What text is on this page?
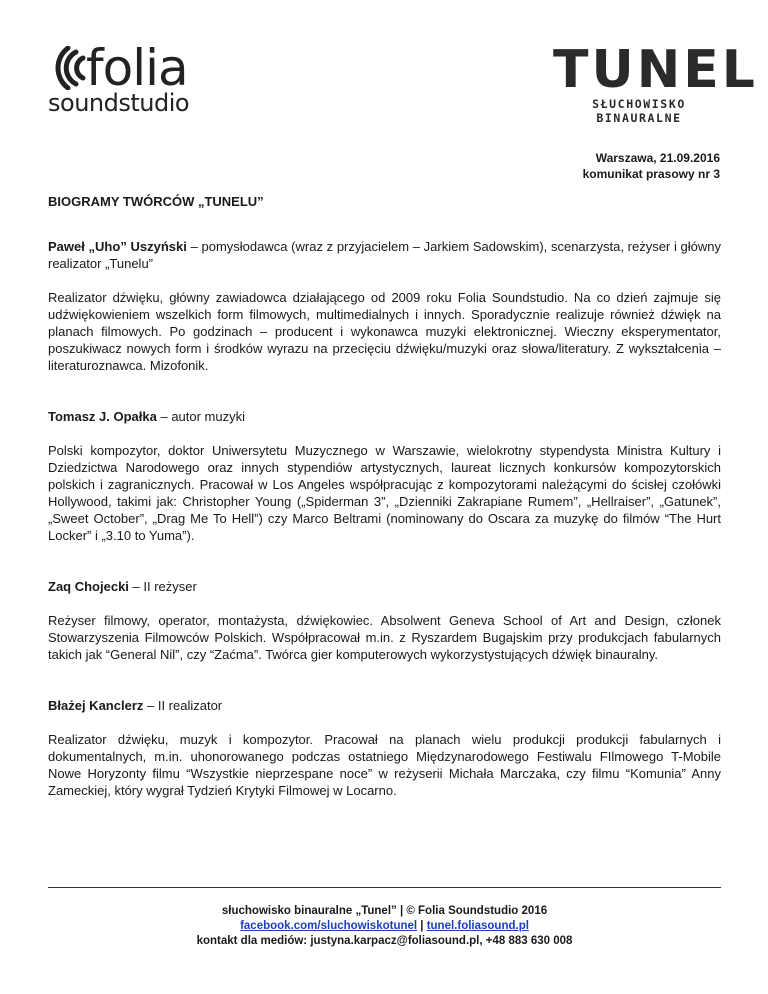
folia
soundstudio
TUNEL
SŁUCHOWISKO BINAURALNE
Warszawa, 21.09.2016
komunikat prasowy nr 3
BIOGRAMY TWÓRCÓW „TUNELU”

Paweł „Uho” Uszyński – pomysłodawca (wraz z przyjacielem – Jarkiem Sadowskim), scenarzysta, reżyser i główny realizator „Tunelu”

Realizator dźwięku, główny zawiadowca działającego od 2009 roku Folia Soundstudio. Na co dzień zajmuje się udźwiękowieniem wszelkich form filmowych, multimedialnych i innych. Sporadycznie realizuje również dźwięk na planach filmowych. Po godzinach – producent i wykonawca muzyki elektronicznej. Wieczny eksperymentator, poszukiwacz nowych form i środków wyrazu na przecięciu dźwięku/muzyki oraz słowa/literatury. Z wykształcenia – literaturoznawca. Mizofonik.

Tomasz J. Opałka – autor muzyki

Polski kompozytor, doktor Uniwersytetu Muzycznego w Warszawie, wielokrotny stypendysta Ministra Kultury i Dziedzictwa Narodowego oraz innych stypendiów artystycznych, laureat licznych konkursów kompozytorskich polskich i zagranicznych. Pracował w Los Angeles współpracując z kompozytorami należącymi do ścisłej czołówki Hollywood, takimi jak: Christopher Young („Spiderman 3”, „Dzienniki Zakrapiane Rumem”, „Hellraiser”, „Gatunek”, „Sweet October”, „Drag Me To Hell”) czy Marco Beltrami (nominowany do Oscara za muzykę do filmów “The Hurt Locker” i „3.10 to Yuma”).

Zaq Chojecki – II reżyser

Reżyser filmowy, operator, montażysta, dźwiękowiec. Absolwent Geneva School of Art and Design, członek Stowarzyszenia Filmowców Polskich. Współpracował m.in. z Ryszardem Bugajskim przy produkcjach fabularnych takich jak “General Nil”, czy “Zaćma”. Twórca gier komputerowych wykorzystystujących dźwięk binauralny.

Błażej Kanclerz – II realizator

Realizator dźwięku, muzyk i kompozytor. Pracował na planach wielu produkcji produkcji fabularnych i dokumentalnych, m.in. uhonorowanego podczas ostatniego Międzynarodowego Festiwalu FIlmowego T-Mobile Nowe Horyzonty filmu “Wszystkie nieprzespane noce” w reżyserii Michała Marczaka, czy filmu “Komunia” Anny Zameckiej, który wygrał Tydzień Krytyki Filmowej w Locarno.

słuchowisko binauralne „Tunel” | © Folia Soundstudio 2016
facebook.com/sluchowiskotunel | tunel.foliasound.pl
kontakt dla mediów: justyna.karpacz@foliasound.pl, +48 883 630 008
